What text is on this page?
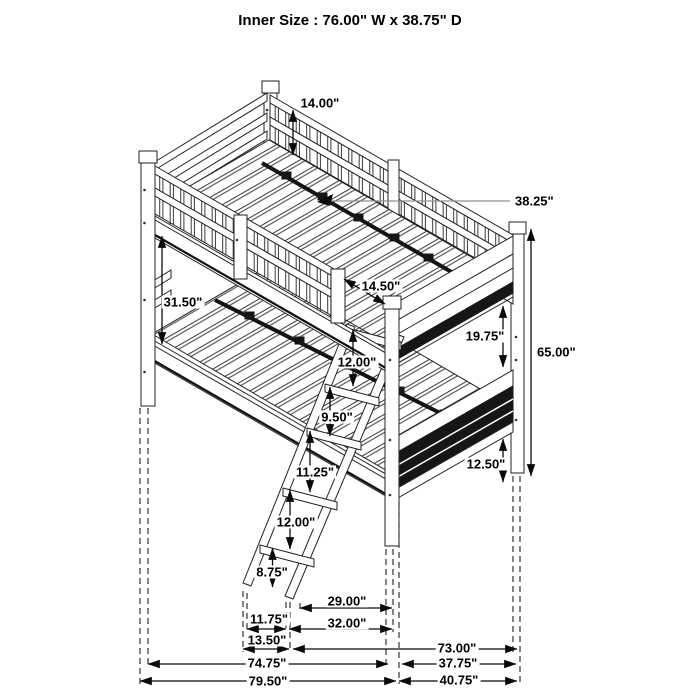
Inner Size : 76.00" W x 38.75" D
14.00"
38.25"
31.50"
14.50"
12.00"
9.50"
11.25"
12.00"
8.75"
19.75"
65.00"
12.50"
29.00"
11.75"	32.00"
13.50"
73.00"
74.75"	37.75"
79.50"	40.75"
